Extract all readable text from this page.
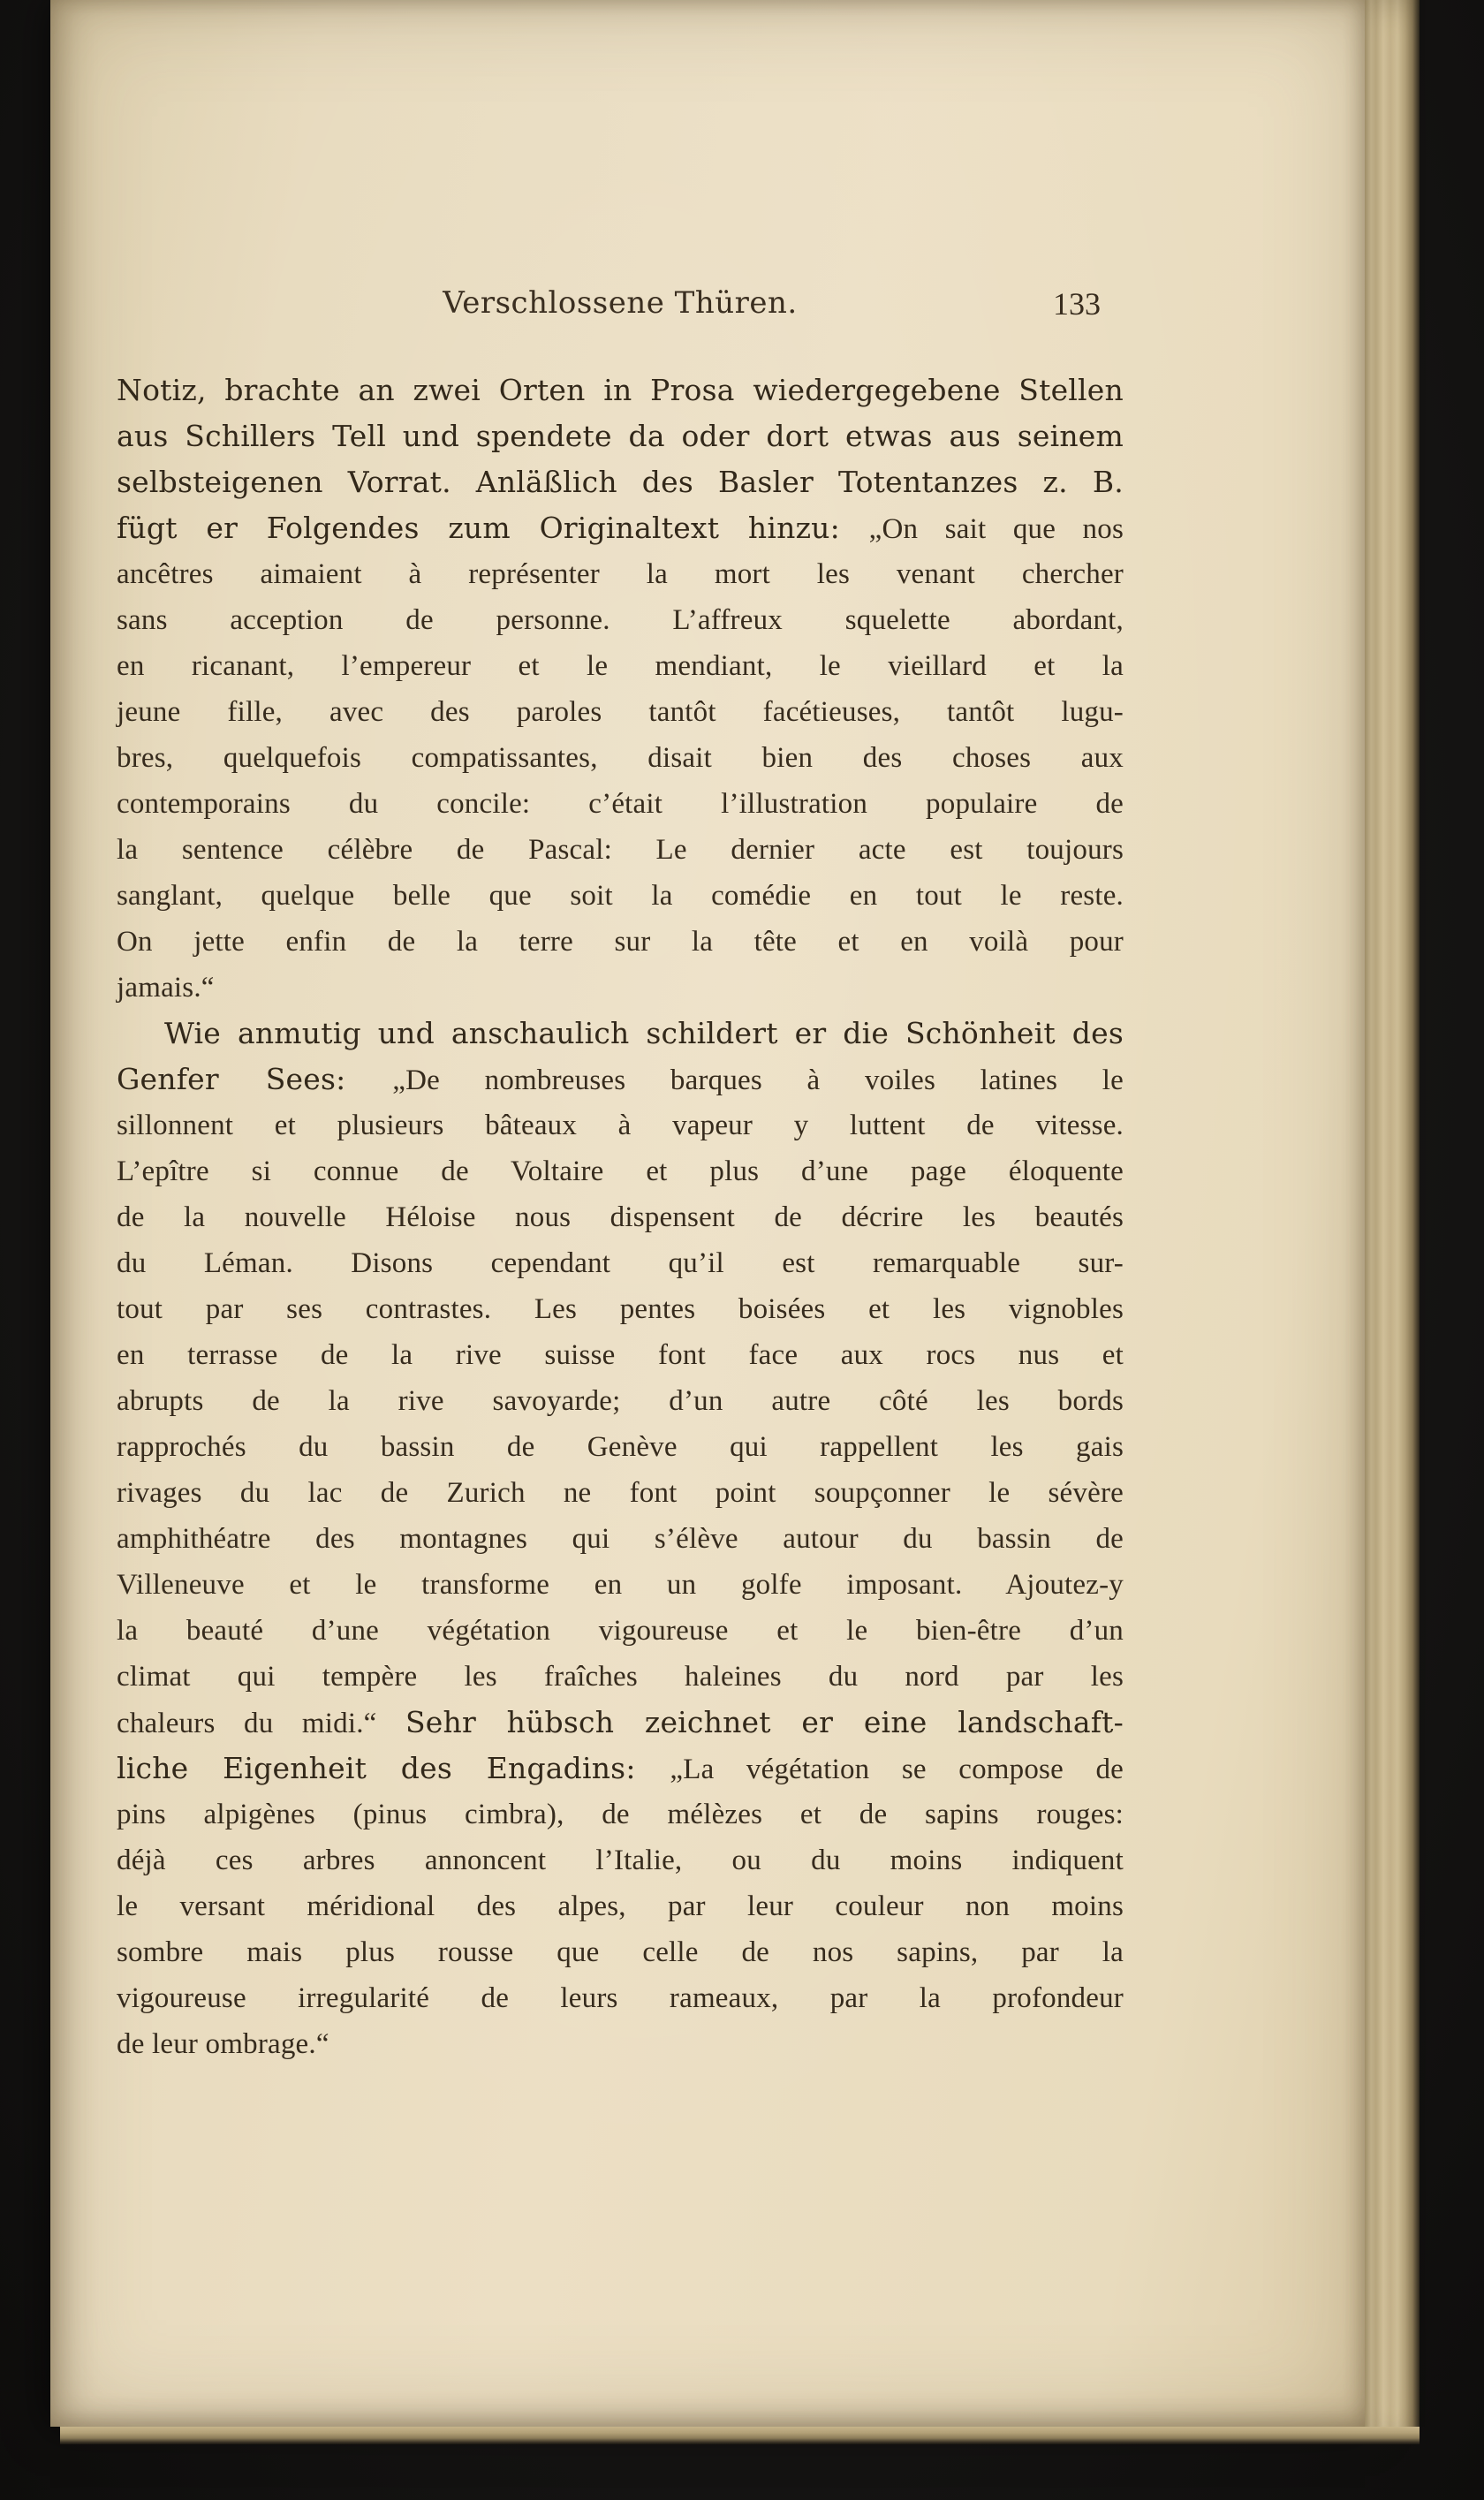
Verschlossene Thüren.	133
Notiz, brachte an zwei Orten in Prosa wiedergegebene Stellen
aus Schillers Tell und spendete da oder dort etwas aus seinem
selbsteigenen Vorrat. Anläßlich des Basler Totentanzes z. B.
fügt er Folgendes zum Originaltext hinzu: „On sait que nos
ancêtres aimaient à représenter la mort les venant chercher
sans acception de personne. L’affreux squelette abordant,
en ricanant, l’empereur et le mendiant, le vieillard et la
jeune fille, avec des paroles tantôt facétieuses, tantôt lugu-
bres, quelquefois compatissantes, disait bien des choses aux
contemporains du concile: c’était l’illustration populaire de
la sentence célèbre de Pascal: Le dernier acte est toujours
sanglant, quelque belle que soit la comédie en tout le reste.
On jette enfin de la terre sur la tête et en voilà pour
jamais.“
Wie anmutig und anschaulich schildert er die Schönheit des
Genfer Sees: „De nombreuses barques à voiles latines le
sillonnent et plusieurs bâteaux à vapeur y luttent de vitesse.
L’epître si connue de Voltaire et plus d’une page éloquente
de la nouvelle Héloise nous dispensent de décrire les beautés
du Léman. Disons cependant qu’il est remarquable sur-
tout par ses contrastes. Les pentes boisées et les vignobles
en terrasse de la rive suisse font face aux rocs nus et
abrupts de la rive savoyarde; d’un autre côté les bords
rapprochés du bassin de Genève qui rappellent les gais
rivages du lac de Zurich ne font point soupçonner le sévère
amphithéatre des montagnes qui s’élève autour du bassin de
Villeneuve et le transforme en un golfe imposant. Ajoutez-y
la beauté d’une végétation vigoureuse et le bien-être d’un
climat qui tempère les fraîches haleines du nord par les
chaleurs du midi.“ Sehr hübsch zeichnet er eine landschaft-
liche Eigenheit des Engadins: „La végétation se compose de
pins alpigènes (pinus cimbra), de mélèzes et de sapins rouges:
déjà ces arbres annoncent l’Italie, ou du moins indiquent
le versant méridional des alpes, par leur couleur non moins
sombre mais plus rousse que celle de nos sapins, par la
vigoureuse irregularité de leurs rameaux, par la profondeur
de leur ombrage.“
